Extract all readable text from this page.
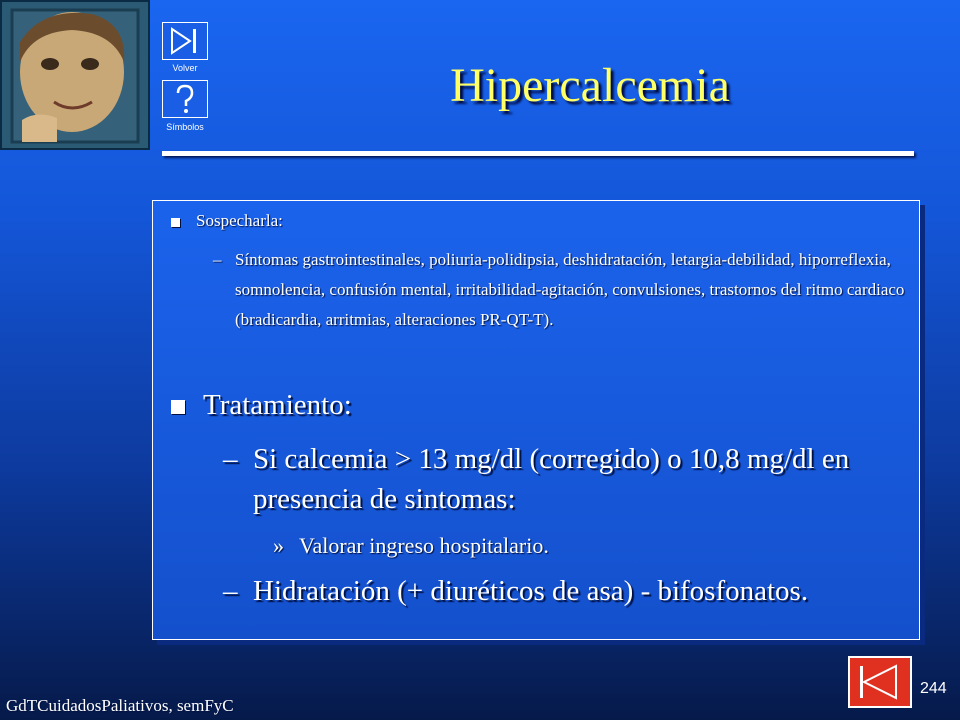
Volver
Símbolos
Hipercalcemia
Sospecharla:
– Síntomas gastrointestinales, poliuria-polidipsia, deshidratación, letargia-debilidad, hiporreflexia, somnolencia, confusión mental, irritabilidad-agitación, convulsiones, trastornos del ritmo cardiaco (bradicardia, arritmias, alteraciones PR-QT-T).
Tratamiento:
– Si calcemia > 13 mg/dl (corregido) o 10,8 mg/dl en presencia de sintomas:
» Valorar ingreso hospitalario.
– Hidratación (+ diuréticos de asa) - bifosfonatos.
GdTCuidadosPaliativos, semFyC
244
